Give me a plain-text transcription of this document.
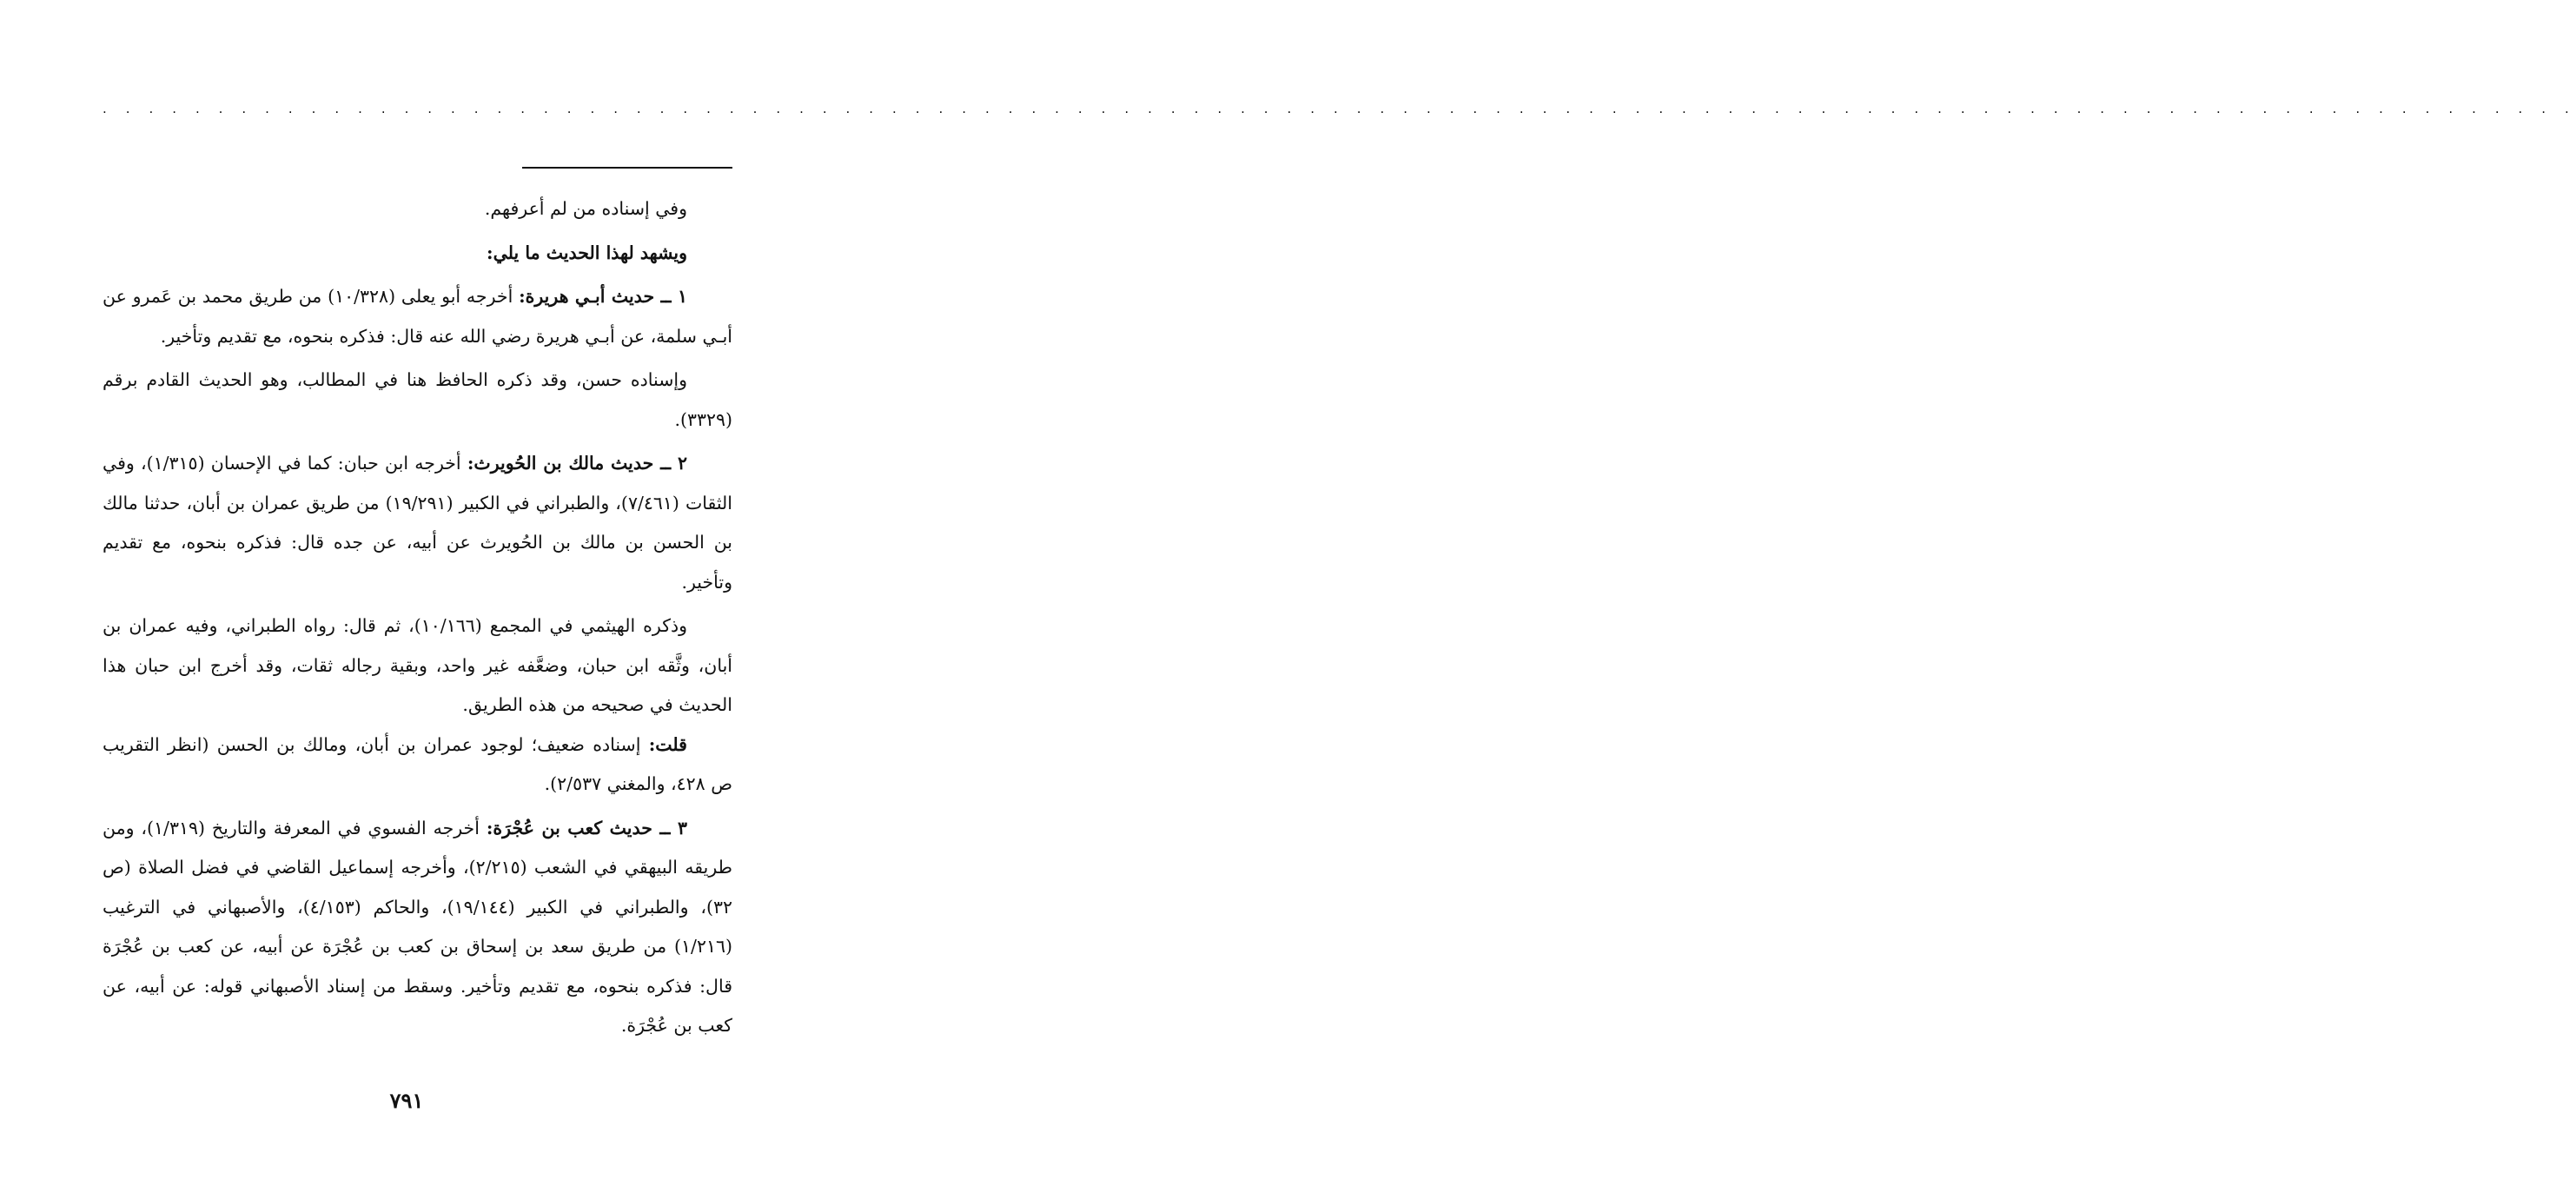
. . . . . . . . . . . . . . . . . . . . . . . . . . . . . . . . . . . . . . . . . . . . . . . . . . . . . . . . . . . . . . . . . . . . . . . . . . . . . . . . . . . . . . . . . . . . . . . . . . . . . . . . . . .

وفي إسناده من لم أعرفهم.

ويشهد لهذا الحديث ما يلي:

١ ــ حديث أبـي هريرة: أخرجه أبو يعلى (١٠/٣٢٨) من طريق محمد بن عَمرو عن أبـي سلمة، عن أبـي هريرة رضي الله عنه قال: فذكره بنحوه، مع تقديم وتأخير.

وإسناده حسن، وقد ذكره الحافظ هنا في المطالب، وهو الحديث القادم برقم (٣٣٢٩).

٢ ــ حديث مالك بن الحُويرث: أخرجه ابن حبان: كما في الإحسان (١/٣١٥)، وفي الثقات (٧/٤٦١)، والطبراني في الكبير (١٩/٢٩١) من طريق عمران بن أبان، حدثنا مالك بن الحسن بن مالك بن الحُويرث عن أبيه، عن جده قال: فذكره بنحوه، مع تقديم وتأخير.

وذكره الهيثمي في المجمع (١٠/١٦٦)، ثم قال: رواه الطبراني، وفيه عمران بن أبان، وثَّقه ابن حبان، وضعَّفه غير واحد، وبقية رجاله ثقات، وقد أخرج ابن حبان هذا الحديث في صحيحه من هذه الطريق.

قلت: إسناده ضعيف؛ لوجود عمران بن أبان، ومالك بن الحسن (انظر التقريب ص ٤٢٨، والمغني ٢/٥٣٧).

٣ ــ حديث كعب بن عُجْرَة: أخرجه الفسوي في المعرفة والتاريخ (١/٣١٩)، ومن طريقه البيهقي في الشعب (٢/٢١٥)، وأخرجه إسماعيل القاضي في فضل الصلاة (ص ٣٢)، والطبراني في الكبير (١٩/١٤٤)، والحاكم (٤/١٥٣)، والأصبهاني في الترغيب (١/٢١٦) من طريق سعد بن إسحاق بن كعب بن عُجْرَة عن أبيه، عن كعب بن عُجْرَة قال: فذكره بنحوه، مع تقديم وتأخير. وسقط من إسناد الأصبهاني قوله: عن أبيه، عن كعب بن عُجْرَة.

٧٩١
